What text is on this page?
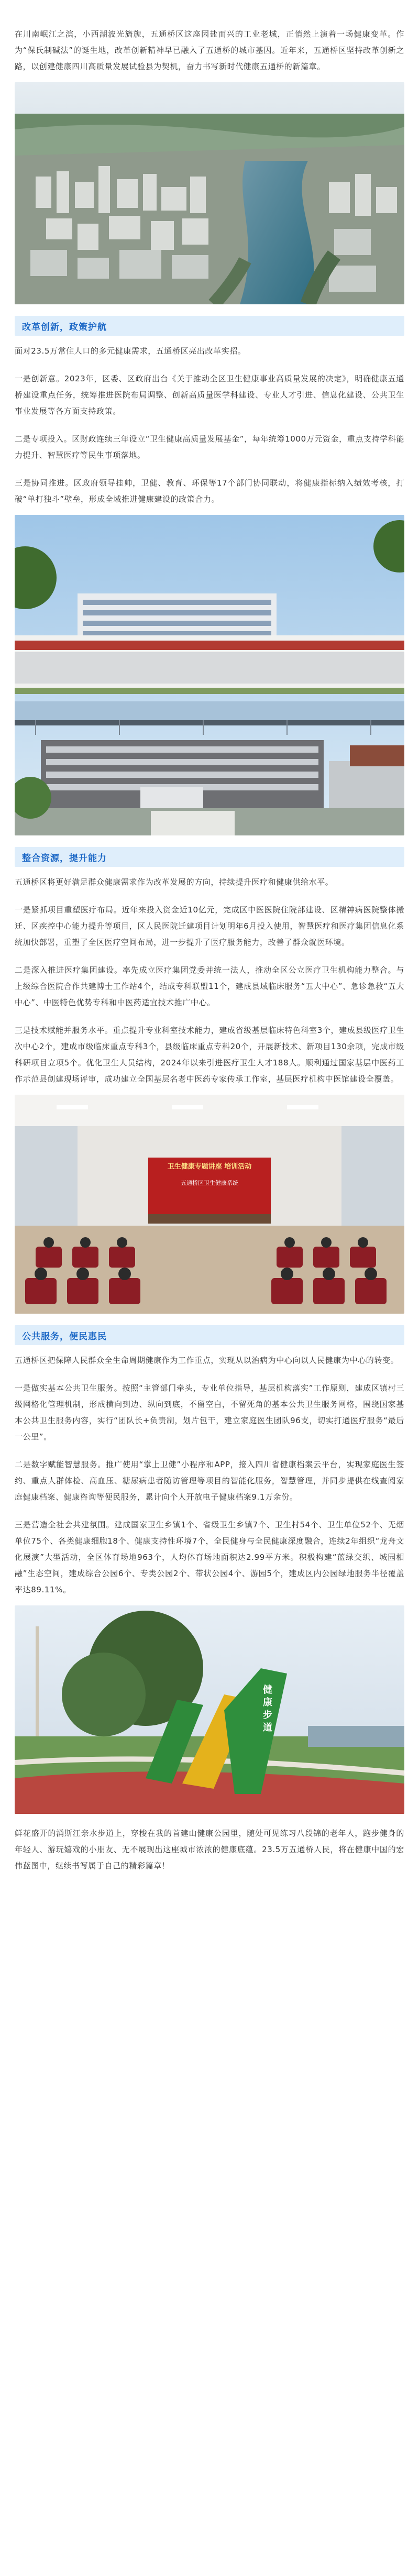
在川南岷江之滨，小西湖波光旖旎，五通桥区这座因盐而兴的工业老城，正悄然上演着一场健康变革。作为“保氏制碱法”的诞生地，改革创新精神早已融入了五通桥的城市基因。近年来，五通桥区坚持改革创新之路，以创建健康四川高质量发展试验县为契机，奋力书写新时代健康五通桥的新篇章。

改革创新，政策护航

面对23.5万常住人口的多元健康需求，五通桥区亮出改革实招。

一是创新意。2023年，区委、区政府出台《关于推动全区卫生健康事业高质量发展的决定》，明确健康五通桥建设重点任务，统筹推进医院布局调整、创新高质量医学科建设、专业人才引进、信息化建设、公共卫生事业发展等各方面支持政策。

二是专项投入。区财政连续三年设立“卫生健康高质量发展基金”，每年统筹1000万元资金，重点支持学科能力提升、智慧医疗等民生事项落地。

三是协同推进。区政府领导挂帅，卫健、教育、环保等17个部门协同联动，将健康指标纳入绩效考核，打破“单打独斗”壁垒，形成全域推进健康建设的政策合力。

整合资源，提升能力

五通桥区将更好满足群众健康需求作为改革发展的方向，持续提升医疗和健康供给水平。

一是紧抓项目重塑医疗布局。近年来投入资金近10亿元，完成区中医医院住院部建设、区精神病医院整体搬迁、区疾控中心能力提升等项目，区人民医院迁建项目计划明年6月投入使用，智慧医疗和医疗集团信息化系统加快部署，重塑了全区医疗空间布局，进一步提升了医疗服务能力，改善了群众就医环境。

二是深入推进医疗集团建设。率先成立医疗集团党委并统一法人，推动全区公立医疗卫生机构能力整合。与上级综合医院合作共建博士工作站4个，结成专科联盟11个，建成县域临床服务“五大中心”、急诊急救“五大中心”、中医特色优势专科和中医药适宜技术推广中心。

三是技术赋能并服务水平。重点提升专业科室技术能力，建成省级基层临床特色科室3个，建成县级医疗卫生次中心2个，建成市级临床重点专科3个，县级临床重点专科20个，开展新技术、新项目130余项，完成市级科研项目立项5个。优化卫生人员结构，2024年以来引进医疗卫生人才188人。顺利通过国家基层中医药工作示范县创建现场评审，成功建立全国基层名老中医药专家传承工作室，基层医疗机构中医馆建设全覆盖。

卫生健康专题讲座 培训活动
五通桥区卫生健康系统
公共服务，便民惠民

五通桥区把保障人民群众全生命周期健康作为工作重点，实现从以治病为中心向以人民健康为中心的转变。

一是做实基本公共卫生服务。按照“主管部门牵头，专业单位指导，基层机构落实”工作原则，建成区镇村三级网格化管理机制，形成横向到边、纵向到底，不留空白，不留死角的基本公共卫生服务网格，围绕国家基本公共卫生服务内容，实行“团队长+负责制，划片包干，建立家庭医生团队96支，切实打通医疗服务“最后一公里”。

二是数字赋能智慧服务。推广使用“掌上卫健”小程序和APP，接入四川省健康档案云平台，实现家庭医生签约、重点人群体检、高血压、糖尿病患者随访管理等项目的智能化服务，智慧管理，并同步提供在线查阅家庭健康档案、健康咨询等便民服务，累计向个人开放电子健康档案9.1万余份。

三是营造全社会共建氛围。建成国家卫生乡镇1个、省级卫生乡镇7个、卫生村54个、卫生单位52个、无烟单位75个、各类健康细胞18个、健康支持性环境7个，全民健身与全民健康深度融合，连续2年组织“龙舟文化展演”大型活动，全区体育场地963个，人均体育场地面积达2.99平方米。积极构建“蓝绿交织、城园相融”生态空间，建成综合公园6个、专类公园2个、带状公园4个、游园5个，建成区内公园绿地服务半径覆盖率达89.11%。

健康步道

鲜花盛开的涌斯江亲水步道上，穿梭在我的首建山健康公园里，随处可见练习八段锦的老年人，跑步健身的年轻人、游玩嬉戏的小朋友、无不展现出这座城市浓浓的健康底蕴。23.5万五通桥人民，将在健康中国的宏伟蓝图中，继续书写属于自己的精彩篇章！
